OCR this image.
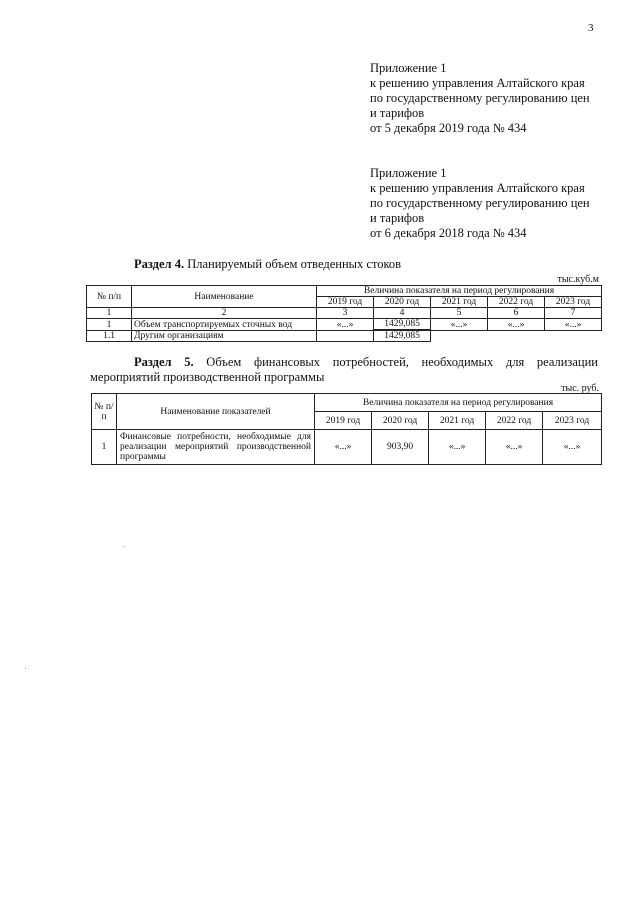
3
Приложение 1
к решению управления Алтайского края
по государственному регулированию цен
и тарифов
от 5 декабря 2019 года № 434
Приложение 1
к решению управления Алтайского края
по государственному регулированию цен
и тарифов
от 6 декабря 2018 года № 434
Раздел 4. Планируемый объем отведенных стоков
тыс.куб.м
№ п/п	Наименование	Величина показателя на период регулирования				
		2019 год	2020 год	2021 год	2022 год	2023 год
1	2	3	4	5	6	7
1	Объем транспортируемых сточных вод	«...»	1429,085	«...»	«...»	«...»

1.1	Другим организациям		1429,085			
Раздел 5. Объем финансовых потребностей, необходимых для реализации
мероприятий производственной программы
тыс. руб.
№ п/ п	Наименование показателей	Величина показателя на период регулирования				
		2019 год	2020 год	2021 год	2022 год	2023 год
1	Финансовые потребности, необходимые для реализации мероприятий производственной программы	«...»	903,90	«...»	«...»	«...»
